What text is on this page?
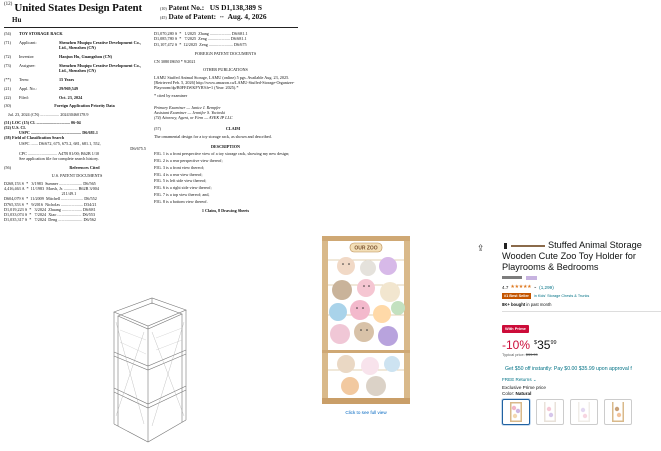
(12) United States Design Patent
Hu
(10) Patent No.: US D1,138,389 S
(45) Date of Patent: ** Aug. 4, 2026
(54)	TOY STORAGE RACK
(71)	Applicant:	Shenzhen Muqiqu Creative Development Co., Ltd., Shenzhen (CN)
(72)	Inventor:	Hanjun Hu, Guangzhou (CN)
(73)	Assignee:	Shenzhen Muqiqu Creative Development Co., Ltd., Shenzhen (CN)
(**)	Term:	15 Years
(21)	Appl. No.:	29/969,549
(22)	Filed:	Oct. 23, 2024
(30)	Foreign Application Priority Data
Jul. 23, 2024 (CN) .................. 202430460178.9
(51) LOC (15) Cl. ................................ 06-04
(52) U.S. Cl.
USPC ................................................ D6/681.1
(58) Field of Classification Search
USPC ....... D6/672, 675, 675.2, 681, 681.1, 552,
D6/675.5
CPC ............................ A47B 81/00; B62B 1/10
See application file for complete search history.
(56)	References Cited
U.S. PATENT DOCUMENTS
D268,153 S  *   3/1983  Sumner ...................... D6/565
4,416,463 A  *  11/1983  Marsh, Jr. ............. B62B 3/004
211/49.1
D604,079 S  *  11/2009  Mitchell ..................... D6/552
D765,353 S  *   9/2016  Nicholas ..................... D34/21
D1,019,223 S  *   3/2024  Zhuang ................... D6/681
D1,033,074 S  *   7/2024  Xiao ....................... D6/553
D1,035,317 S  *   7/2024  Deng ....................... D6/562
D1,070,280 S  *   1/2025  Zhang .................... D6/681.1
D1,085,780 S  *   7/2025  Zeng ..................... D6/681.1
D1,107,472 S  *  12/2025  Zeng ....................... D6/675
FOREIGN PATENT DOCUMENTS
CN 308018650 * 9/2021
OTHER PUBLICATIONS
LAMU Stuffed Animal Storage, LAMU (online) 5 pgs. Available Aug. 23, 2025. [Retrieved Feb. 5, 2026] http://www.amazon.ca/LAMU-Stuffed-Storage-Organizer-Playroom/dp/B0FF4WKFYB?th=1 (Year: 2025).*
* cited by examiner
Primary Examiner — Janice I. Rempfer
Assistant Examiner — Jennifer S. Yocinski
(74) Attorney, Agent, or Firm — AVEK IP LLC
(57)	CLAIM
The ornamental design for a toy storage rack, as shown and described.
DESCRIPTION

FIG. 1 is a front perspective view of a toy storage rack, showing my new design;

FIG. 2 is a rear perspective view thereof;

FIG. 3 is a front view thereof;

FIG. 4 is a rear view thereof;

FIG. 5 is left side view thereof;

FIG. 6 is a right side view thereof;

FIG. 7 is a top view thereof; and,

FIG. 8 is a bottom view thereof.

1 Claim, 8 Drawing Sheets
OUR ZOO
Click to see full view
⇪	Stuffed Animal Storage
Wooden Cute Zoo Toy Holder for
Playrooms & Bedrooms
4.7 ★★★★★ ⌄ (1,299)
#1 Best Seller	in Kids' Storage Chests & Trunks
8K+ bought in past month
With Prime
-10% $ 35 99
Typical price: $39.99
Get $50 off instantly: Pay $0.00 $35.99 upon approval f
FREE Returns ⌄
Exclusive Prime price
Color: Natural
